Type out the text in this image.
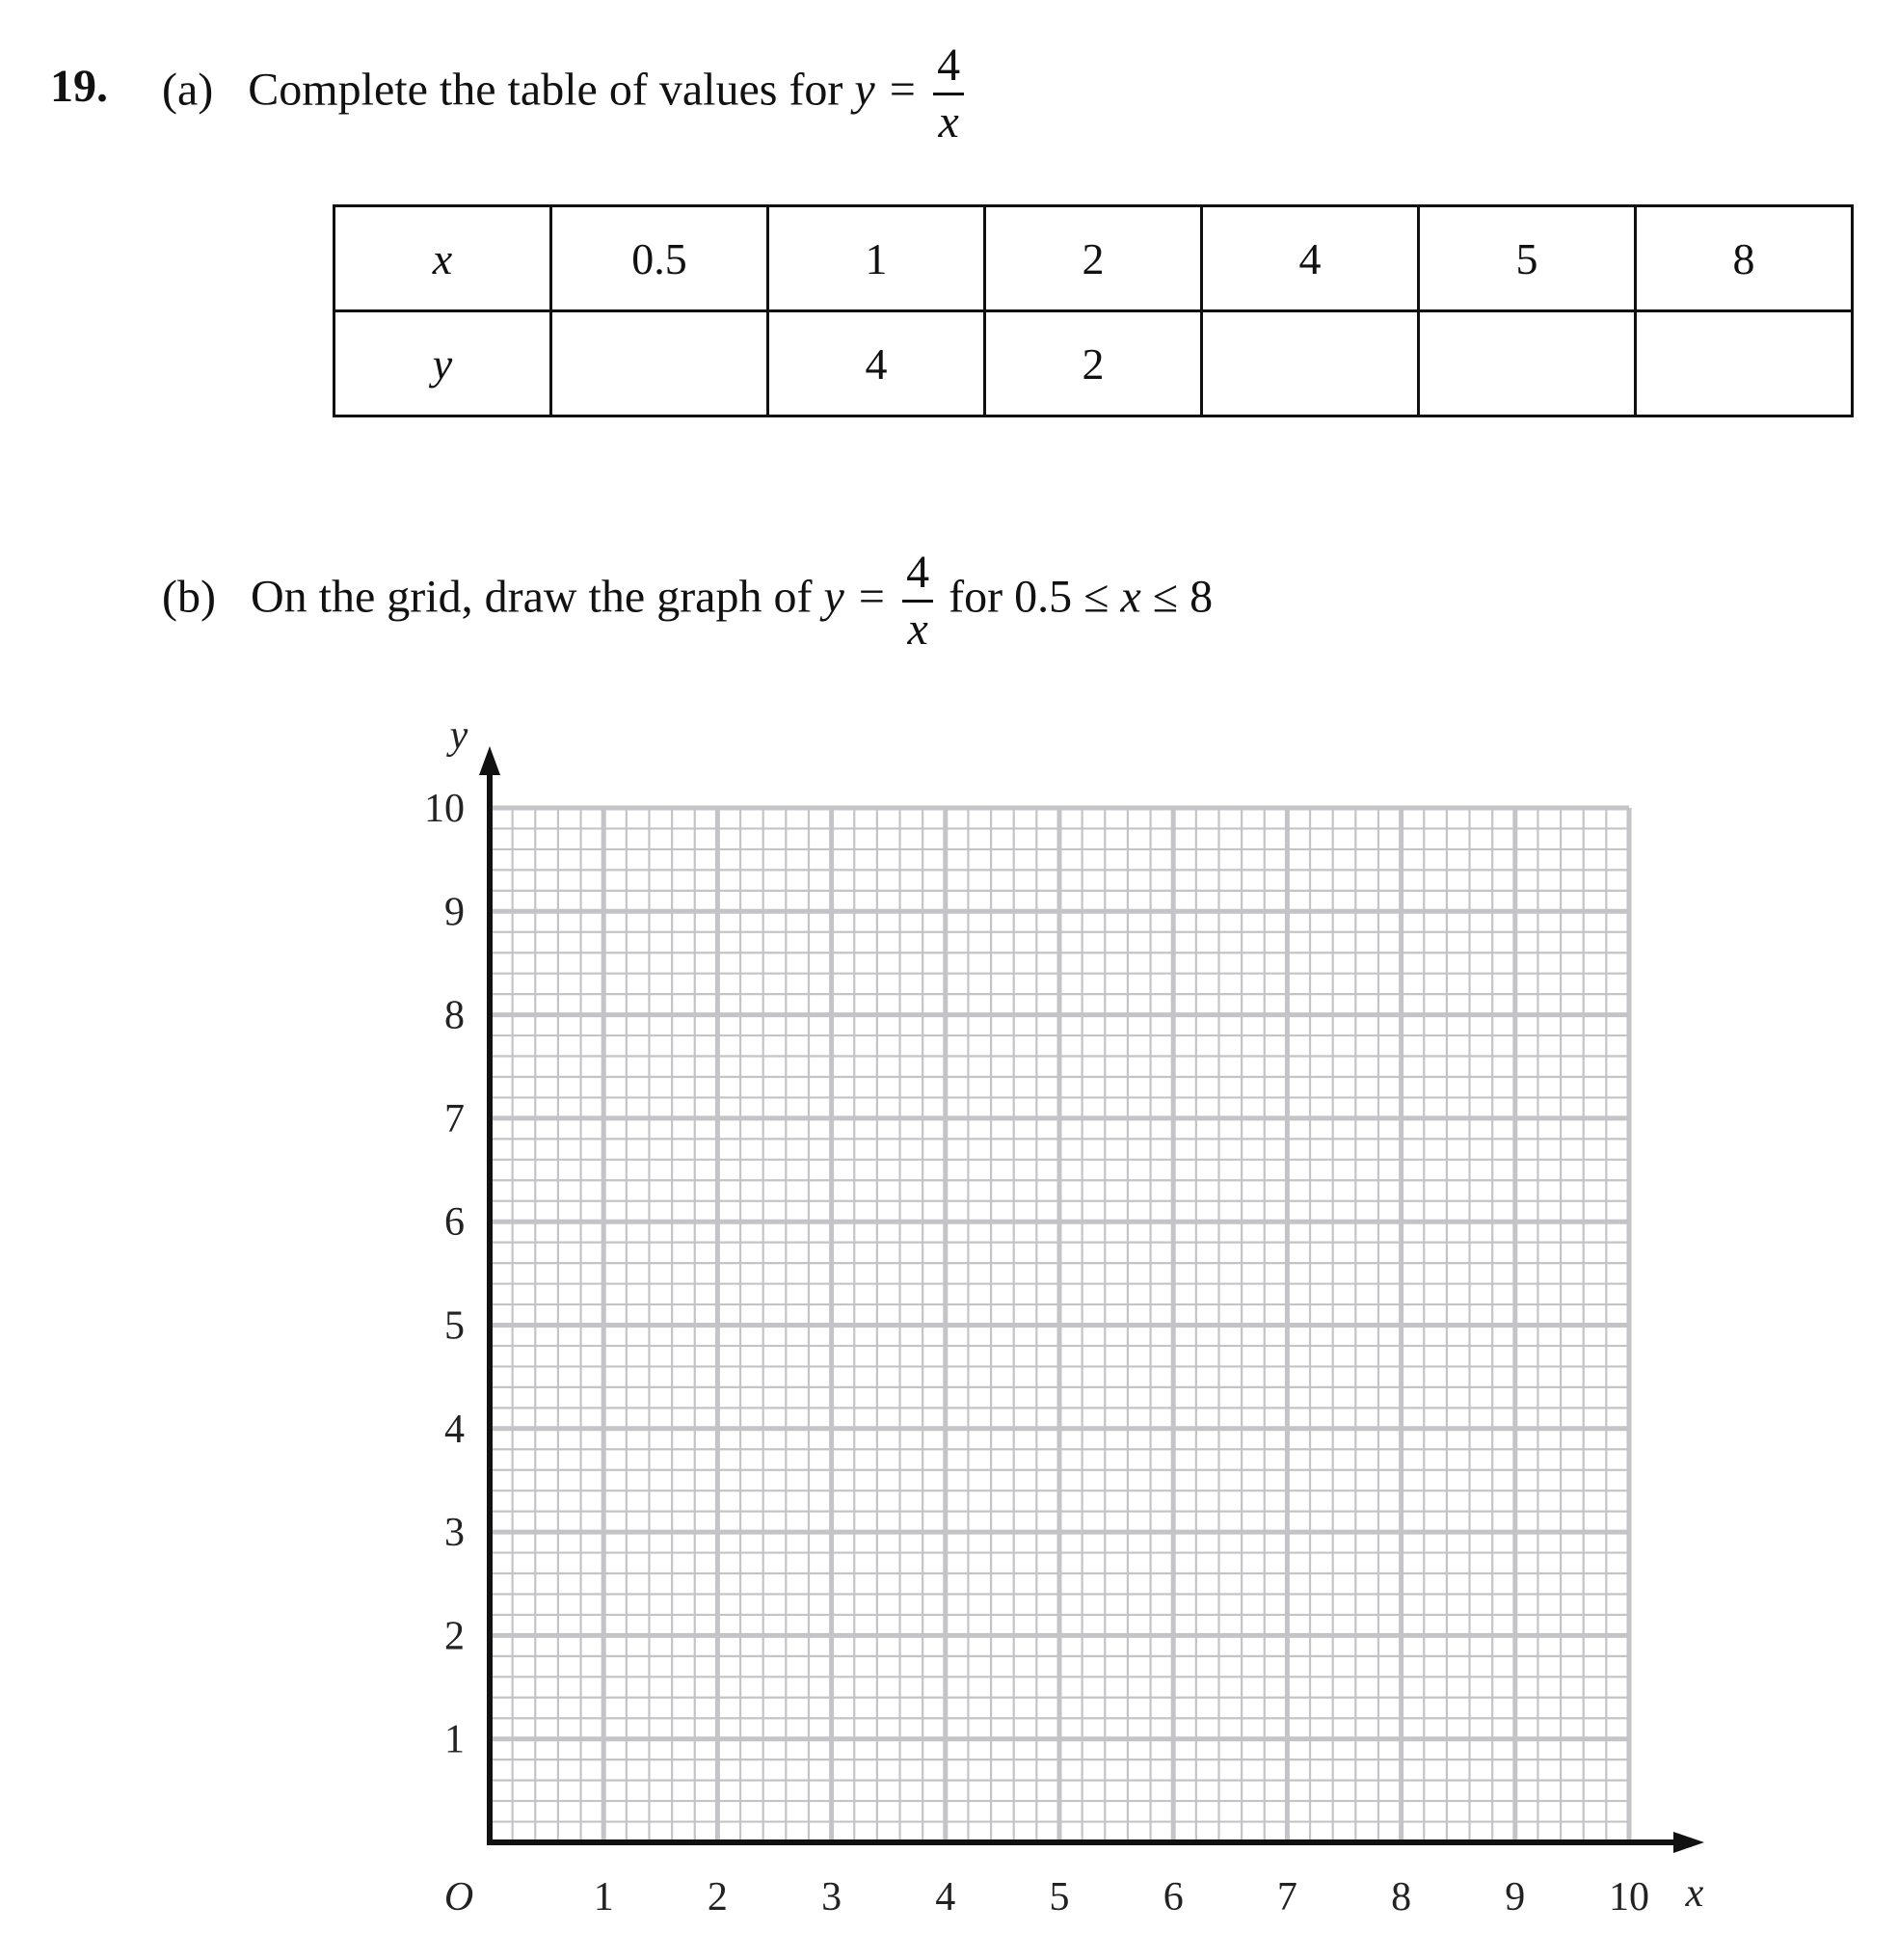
19. (a) Complete the table of values for $y = \frac{4}{x}$
x	0.5	1	2	4	5	8
y		4	2			
(b) On the grid, draw the graph of $y = \frac{4}{x}$ for 0.5 ≤ x ≤ 8
1 2 3 4 5 6 7 8 9 10
1
2
3
4
5
6
7
8
9
10
O	x
y
